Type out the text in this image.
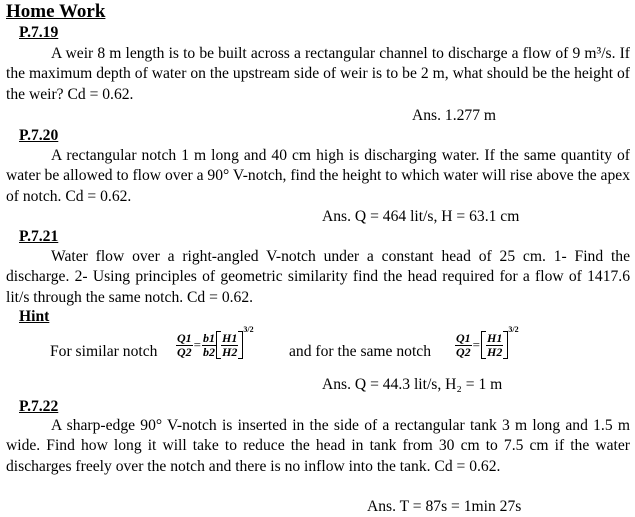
Home Work
P.7.19
A weir 8 m length is to be built across a rectangular channel to discharge a flow of 9 m³/s. If the maximum depth of water on the upstream side of weir is to be 2 m, what should be the height of the weir? Cd = 0.62.
Ans. 1.277 m
P.7.20
A rectangular notch 1 m long and 40 cm high is discharging water. If the same quantity of water be allowed to flow over a 90° V-notch, find the height to which water will rise above the apex of notch. Cd = 0.62.
Ans. Q = 464 lit/s, H = 63.1 cm
P.7.21
Water flow over a right-angled V-notch under a constant head of 25 cm. 1- Find the discharge. 2- Using principles of geometric similarity find the head required for a flow of 1417.6 lit/s through the same notch. Cd = 0.62.
Hint
For similar notch $\frac{Q1}{Q2} = \frac{b1}{b2} \frac{H1}{H2}$
$^{3/2}$
and for the same notch $\frac{Q1}{Q2} = \frac{H1}{H2}$
$^{3/2}$
Ans. Q = 44.3 lit/s, H₂ = 1 m
P.7.22
A sharp-edge 90° V-notch is inserted in the side of a rectangular tank 3 m long and 1.5 m wide. Find how long it will take to reduce the head in tank from 30 cm to 7.5 cm if the water discharges freely over the notch and there is no inflow into the tank. Cd = 0.62.
Ans. T = 87s = 1min 27s
